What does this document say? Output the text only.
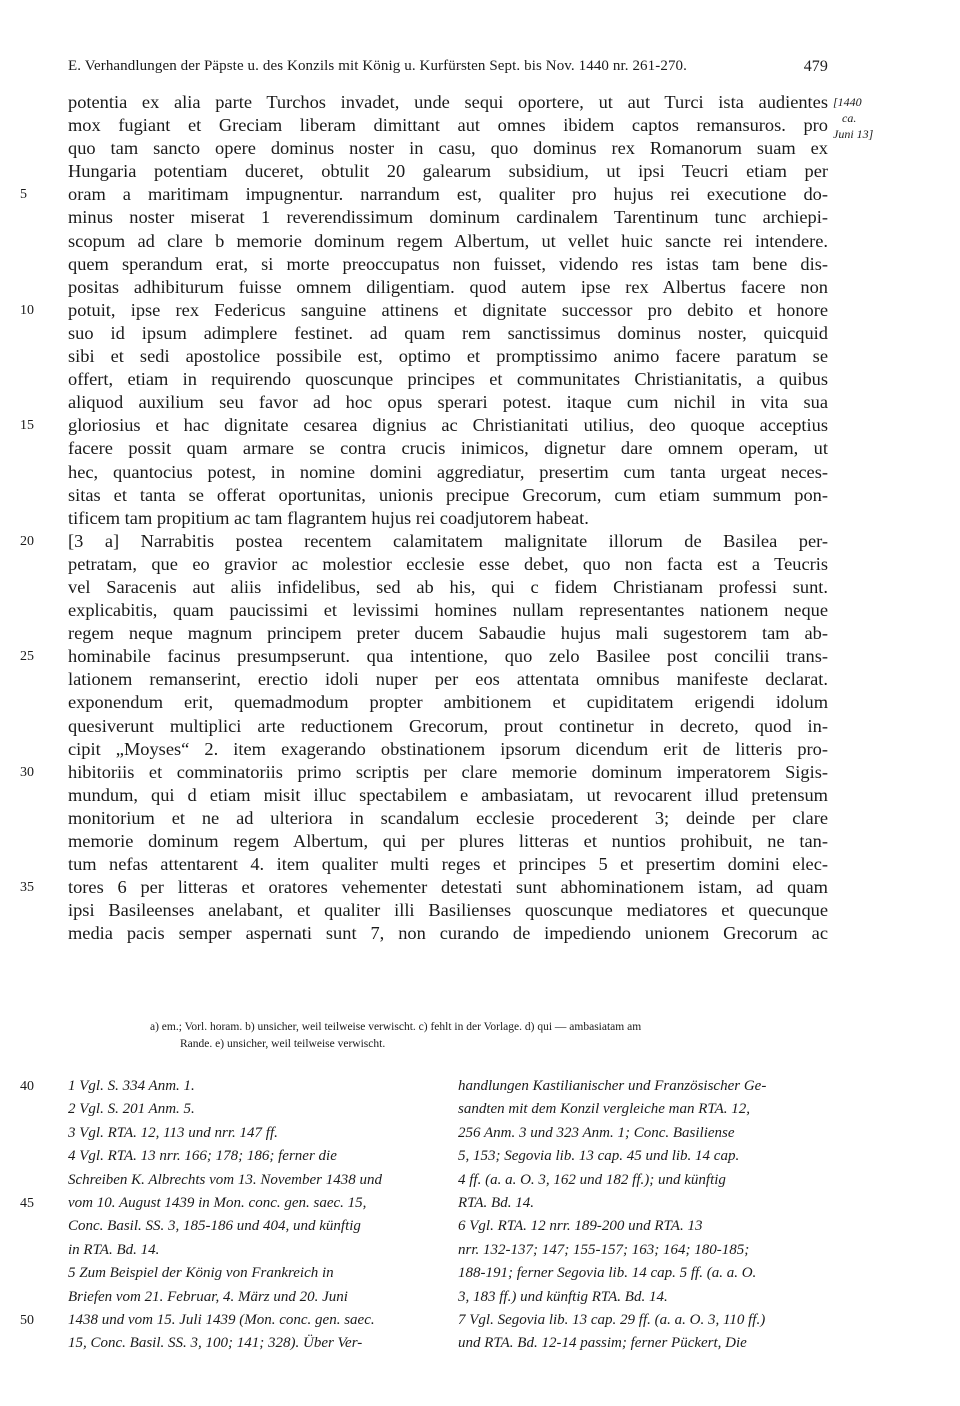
E. Verhandlungen der Päpste u. des Konzils mit König u. Kurfürsten Sept. bis Nov. 1440 nr. 261-270.	479
[1440
ca.
Juni 13]
potentia ex alia parte Turchos invadet, unde sequi oportere, ut aut Turci ista audientes
mox fugiant et Greciam liberam dimittant aut omnes ibidem captos remansuros. pro
quo tam sancto opere dominus noster in casu, quo dominus rex Romanorum suam ex
Hungaria potentiam duceret, obtulit 20 galearum subsidium, ut ipsi Teucri etiam per
5	oram a maritimam impugnentur. narrandum est, qualiter pro hujus rei executione do-
minus noster miserat 1 reverendissimum dominum cardinalem Tarentinum tunc archiepi-
scopum ad clare b memorie dominum regem Albertum, ut vellet huic sancte rei intendere.
quem sperandum erat, si morte preoccupatus non fuisset, videndo res istas tam bene dis-
positas adhibiturum fuisse omnem diligentiam. quod autem ipse rex Albertus facere non
10	potuit, ipse rex Federicus sanguine attinens et dignitate successor pro debito et honore
suo id ipsum adimplere festinet. ad quam rem sanctissimus dominus noster, quicquid
sibi et sedi apostolice possibile est, optimo et promptissimo animo facere paratum se
offert, etiam in requirendo quoscunque principes et communitates Christianitatis, a quibus
aliquod auxilium seu favor ad hoc opus sperari potest. itaque cum nichil in vita sua
15	gloriosius et hac dignitate cesarea dignius ac Christianitati utilius, deo quoque acceptius
facere possit quam armare se contra crucis inimicos, dignetur dare omnem operam, ut
hec, quantocius potest, in nomine domini aggrediatur, presertim cum tanta urgeat neces-
sitas et tanta se offerat oportunitas, unionis precipue Grecorum, cum etiam summum pon-
tificem tam propitium ac tam flagrantem hujus rei coadjutorem habeat.
20	[3 a] Narrabitis postea recentem calamitatem malignitate illorum de Basilea per-
petratam, que eo gravior ac molestior ecclesie esse debet, quo non facta est a Teucris
vel Saracenis aut aliis infidelibus, sed ab his, qui c fidem Christianam professi sunt.
explicabitis, quam paucissimi et levissimi homines nullam representantes nationem neque
regem neque magnum principem preter ducem Sabaudie hujus mali sugestorem tam ab-
25	hominabile facinus presumpserunt. qua intentione, quo zelo Basilee post concilii trans-
lationem remanserint, erectio idoli nuper per eos attentata omnibus manifeste declarat.
exponendum erit, quemadmodum propter ambitionem et cupiditatem erigendi idolum
quesiverunt multiplici arte reductionem Grecorum, prout continetur in decreto, quod in-
cipit „Moyses“ 2. item exagerando obstinationem ipsorum dicendum erit de litteris pro-
30	hibitoriis et comminatoriis primo scriptis per clare memorie dominum imperatorem Sigis-
mundum, qui d etiam misit illuc spectabilem e ambasiatam, ut revocarent illud pretensum
monitorium et ne ad ulteriora in scandalum ecclesie procederent 3; deinde per clare
memorie dominum regem Albertum, qui per plures litteras et nuntios prohibuit, ne tan-
tum nefas attentarent 4. item qualiter multi reges et principes 5 et presertim domini elec-
35	tores 6 per litteras et oratores vehementer detestati sunt abhominationem istam, ad quam
ipsi Basileenses anelabant, et qualiter illi Basilienses quoscunque mediatores et quecunque
media pacis semper aspernati sunt 7, non curando de impediendo unionem Grecorum ac
a) em.; Vorl. horam. b) unsicher, weil teilweise verwischt. c) fehlt in der Vorlage. d) qui — ambasiatam am
Rande. e) unsicher, weil teilweise verwischt.
40	1 Vgl. S. 334 Anm. 1.
2 Vgl. S. 201 Anm. 5.
3 Vgl. RTA. 12, 113 und nrr. 147 ff.
4 Vgl. RTA. 13 nrr. 166; 178; 186; ferner die
Schreiben K. Albrechts vom 13. November 1438 und
45	vom 10. August 1439 in Mon. conc. gen. saec. 15,
Conc. Basil. SS. 3, 185-186 und 404, und künftig
in RTA. Bd. 14.
5 Zum Beispiel der König von Frankreich in
Briefen vom 21. Februar, 4. März und 20. Juni
50	1438 und vom 15. Juli 1439 (Mon. conc. gen. saec.
15, Conc. Basil. SS. 3, 100; 141; 328). Über Ver-
handlungen Kastilianischer und Französischer Ge-
sandten mit dem Konzil vergleiche man RTA. 12,
256 Anm. 3 und 323 Anm. 1; Conc. Basiliense
5, 153; Segovia lib. 13 cap. 45 und lib. 14 cap.
4 ff. (a. a. O. 3, 162 und 182 ff.); und künftig
RTA. Bd. 14.
6 Vgl. RTA. 12 nrr. 189-200 und RTA. 13
nrr. 132-137; 147; 155-157; 163; 164; 180-185;
188-191; ferner Segovia lib. 14 cap. 5 ff. (a. a. O.
3, 183 ff.) und künftig RTA. Bd. 14.
7 Vgl. Segovia lib. 13 cap. 29 ff. (a. a. O. 3, 110 ff.)
und RTA. Bd. 12-14 passim; ferner Pückert, Die
